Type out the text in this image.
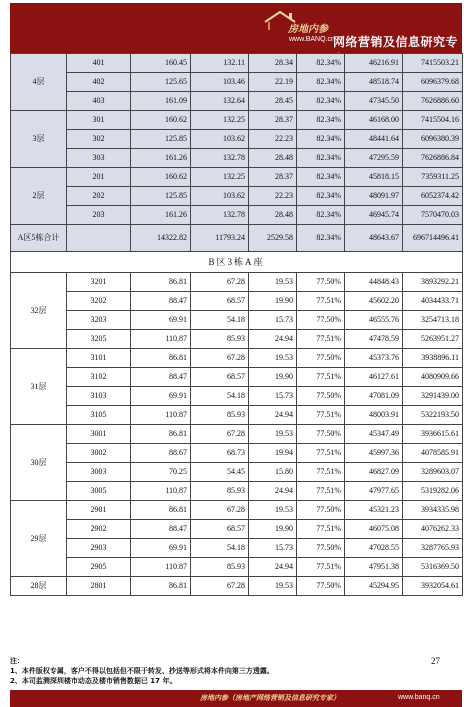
房地内参
www.BANQ.cn
网络营销及信息研究专
4层	401	160.45	132.11	28.34	82.34%	46216.91	7415503.21
	402	125.65	103.46	22.19	82.34%	48518.74	6096379.68
	403	161.09	132.64	28.45	82.34%	47345.50	7626886.60
3层	301	160.62	132.25	28.37	82.34%	46168.00	7415504.16
	302	125.85	103.62	22.23	82.34%	48441.64	6096380.39
	303	161.26	132.78	28.48	82.34%	47295.59	7626886.84
2层	201	160.62	132.25	28.37	82.34%	45818.15	7359311.25
	202	125.85	103.62	22.23	82.34%	48091.97	6052374.42
	203	161.26	132.78	28.48	82.34%	46945.74	7570470.03
A区5栋合计		14322.82	11793.24	2529.58	82.34%	48643.67	696714496.41
B区3栋A座							
32层	3201	86.81	67.28	19.53	77.50%	44848.43	3893292.21
	3202	88.47	68.57	19.90	77.51%	45602.20	4034433.71
	3203	69.91	54.18	15.73	77.50%	46555.76	3254713.18
	3205	110.87	85.93	24.94	77.51%	47478.59	5263951.27
31层	3101	86.81	67.28	19.53	77.50%	45373.76	3938896.11
	3102	88.47	68.57	19.90	77.51%	46127.61	4080909.66
	3103	69.91	54.18	15.73	77.50%	47081.09	3291439.00
	3105	110.87	85.93	24.94	77.51%	48003.91	5322193.50
30层	3001	86.81	67.28	19.53	77.50%	45347.49	3936615.61
	3002	88.67	68.73	19.94	77.51%	45997.36	4078585.91
	3003	70.25	54.45	15.80	77.51%	46827.09	3289603.07
	3005	110.87	85.93	24.94	77.51%	47977.65	5319282.06
29层	2901	86.81	67.28	19.53	77.50%	45321.23	3934335.98
	2902	88.47	68.57	19.90	77.51%	46075.08	4076262.33
	2903	69.91	54.18	15.73	77.50%	47028.55	3287765.93
	2905	110.87	85.93	24.94	77.51%	47951.38	5316369.50
28层	2801	86.81	67.28	19.53	77.50%	45294.95	3932054.61
注：
1、本件版权专属，客户不得以包括但不限于转发、抄送等形式将本件向第三方透露。
2、本司监测深圳楼市动态及楼市销售数据已 17 年。
27
房地内参（房地产网络营销及信息研究专家）	www.banq.cn
